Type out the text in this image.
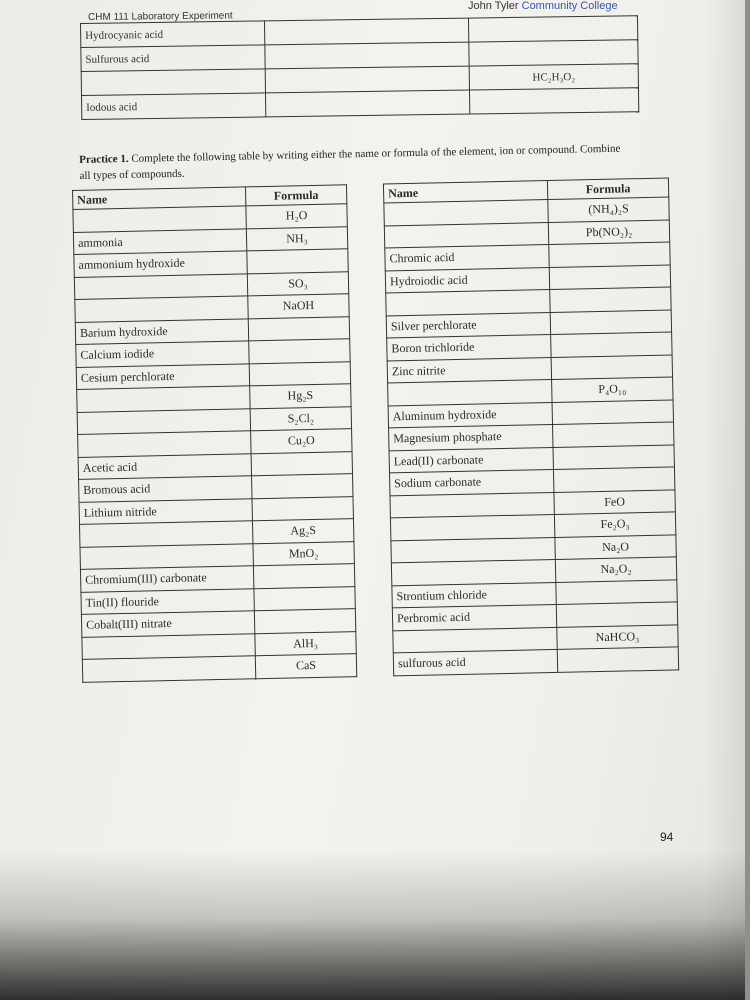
CHM 111 Laboratory Experiment
John Tyler Community College
Hydrocyanic acid		
Sulfurous acid		
		HC₂H₃O₂
Iodous acid		
Practice 1. Complete the following table by writing either the name or formula of the element, ion or compound. Combine all types of compounds.
Name	Formula
	H₂O
ammonia	NH₃
ammonium hydroxide	
	SO₃
	NaOH
Barium hydroxide	
Calcium iodide	
Cesium perchlorate	
	Hg₂S
	S₂Cl₂
	Cu₂O
Acetic acid	
Bromous acid	
Lithium nitride	
	Ag₂S
	MnO₂
Chromium(III) carbonate	
Tin(II) flouride	
Cobalt(III) nitrate	
	AlH₃
	CaS
Name	Formula
	(NH₄)₂S
	Pb(NO₂)₂
Chromic acid	
Hydroiodic acid	

Silver perchlorate	
Boron trichloride	
Zinc nitrite	
	P₄O₁₀
Aluminum hydroxide	
Magnesium phosphate	
Lead(II) carbonate	
Sodium carbonate	
	FeO
	Fe₂O₃
	Na₂O
	Na₂O₂
Strontium chloride	
Perbromic acid	
	NaHCO₃
sulfurous acid	
94
